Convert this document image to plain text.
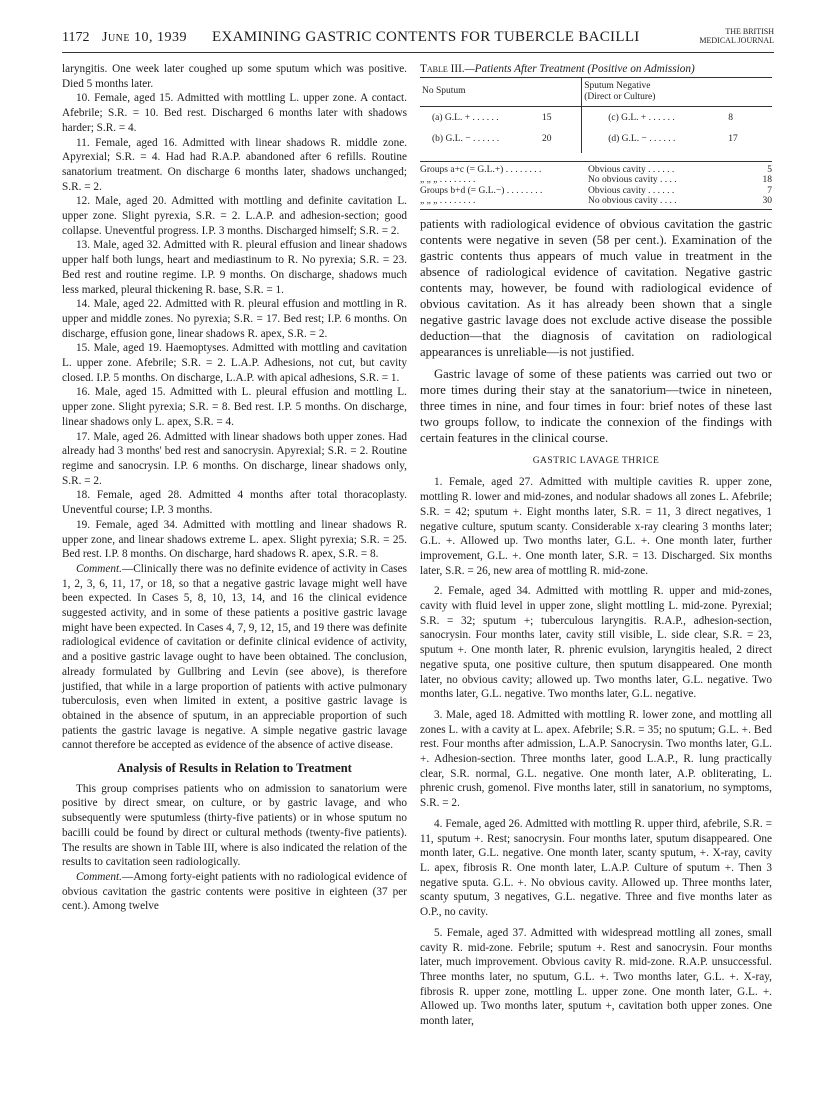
1172 June 10, 1939 EXAMINING GASTRIC CONTENTS FOR TUBERCLE BACILLI	THE BRITISH
MEDICAL JOURNAL

laryngitis. One week later coughed up some sputum which was positive. Died 5 months later.

10. Female, aged 15. Admitted with mottling L. upper zone. A contact. Afebrile; S.R. = 10. Bed rest. Discharged 6 months later with shadows harder; S.R. = 4.

11. Female, aged 16. Admitted with linear shadows R. middle zone. Apyrexial; S.R. = 4. Had had R.A.P. abandoned after 6 refills. Routine sanatorium treatment. On discharge 6 months later, shadows unchanged; S.R. = 2.

12. Male, aged 20. Admitted with mottling and definite cavitation L. upper zone. Slight pyrexia, S.R. = 2. L.A.P. and adhesion-section; good collapse. Uneventful progress. I.P. 3 months. Discharged himself; S.R. = 2.

13. Male, aged 32. Admitted with R. pleural effusion and linear shadows upper half both lungs, heart and mediastinum to R. No pyrexia; S.R. = 23. Bed rest and routine regime. I.P. 9 months. On discharge, shadows much less marked, pleural thickening R. base, S.R. = 1.

14. Male, aged 22. Admitted with R. pleural effusion and mottling in R. upper and middle zones. No pyrexia; S.R. = 17. Bed rest; I.P. 6 months. On discharge, effusion gone, linear shadows R. apex, S.R. = 2.

15. Male, aged 19. Haemoptyses. Admitted with mottling and cavitation L. upper zone. Afebrile; S.R. = 2. L.A.P. Adhesions, not cut, but cavity closed. I.P. 5 months. On discharge, L.A.P. with apical adhesions, S.R. = 1.

16. Male, aged 15. Admitted with L. pleural effusion and mottling L. upper zone. Slight pyrexia; S.R. = 8. Bed rest. I.P. 5 months. On discharge, linear shadows only L. apex, S.R. = 4.

17. Male, aged 26. Admitted with linear shadows both upper zones. Had already had 3 months' bed rest and sanocrysin. Apyrexial; S.R. = 2. Routine regime and sanocrysin. I.P. 6 months. On discharge, linear shadows only, S.R. = 2.

18. Female, aged 28. Admitted 4 months after total thoracoplasty. Uneventful course; I.P. 3 months.

19. Female, aged 34. Admitted with mottling and linear shadows R. upper zone, and linear shadows extreme L. apex. Slight pyrexia; S.R. = 25. Bed rest. I.P. 8 months. On discharge, hard shadows R. apex, S.R. = 8.

Comment.—Clinically there was no definite evidence of activity in Cases 1, 2, 3, 6, 11, 17, or 18, so that a negative gastric lavage might well have been expected. In Cases 5, 8, 10, 13, 14, and 16 the clinical evidence suggested activity, and in some of these patients a positive gastric lavage might have been expected. In Cases 4, 7, 9, 12, 15, and 19 there was definite radiological evidence of cavitation or definite clinical evidence of activity, and a positive gastric lavage ought to have been obtained. The conclusion, already formulated by Gullbring and Levin (see above), is therefore justified, that while in a large proportion of patients with active pulmonary tuberculosis, even when limited in extent, a positive gastric lavage is obtained in the absence of sputum, in an appreciable proportion of such patients the gastric lavage is negative. A simple negative gastric lavage cannot therefore be accepted as evidence of the absence of active disease.

Analysis of Results in Relation to Treatment

This group comprises patients who on admission to sanatorium were positive by direct smear, on culture, or by gastric lavage, and who subsequently were sputumless (thirty-five patients) or in whose sputum no bacilli could be found by direct or cultural methods (twenty-five patients). The results are shown in Table III, where is also indicated the relation of the results to cavitation seen radiologically.

Comment.—Among forty-eight patients with no radiological evidence of obvious cavitation the gastric contents were positive in eighteen (37 per cent.). Among twelve

Table III.—Patients After Treatment (Positive on Admission)

No Sputum	Sputum Negative
(Direct or Culture)
(a) G.L. + . . . . . . 15	(c) G.L. + . . . . . . 8
(b) G.L. − . . . . . . 20	(d) G.L. − . . . . . . 17
Groups a+c (= G.L.+) . . . . . . . .	Obvious cavity . . . . . .	5
„ „ „ . . . . . . . .	No obvious cavity . . . .	18
Groups b+d (= G.L.−) . . . . . . . .	Obvious cavity . . . . . .	7
„ „ „ . . . . . . . .	No obvious cavity . . . .	30

patients with radiological evidence of obvious cavitation the gastric contents were negative in seven (58 per cent.). Examination of the gastric contents thus appears of much value in treatment in the absence of radiological evidence of cavitation. Negative gastric contents may, however, be found with radiological evidence of obvious cavitation. As it has already been shown that a single negative gastric lavage does not exclude active disease the possible deduction—that the diagnosis of cavitation on radiological appearances is unreliable—is not justified.

Gastric lavage of some of these patients was carried out two or more times during their stay at the sanatorium—twice in nineteen, three times in nine, and four times in four: brief notes of these last two groups follow, to indicate the connexion of the findings with certain features in the clinical course.

GASTRIC LAVAGE THRICE

1. Female, aged 27. Admitted with multiple cavities R. upper zone, mottling R. lower and mid-zones, and nodular shadows all zones L. Afebrile; S.R. = 42; sputum +. Eight months later, S.R. = 11, 3 direct negatives, 1 negative culture, sputum scanty. Considerable x-ray clearing 3 months later; G.L. +. Allowed up. Two months later, G.L. +. One month later, further improvement, G.L. +. One month later, S.R. = 13. Discharged. Six months later, S.R. = 26, new area of mottling R. mid-zone.

2. Female, aged 34. Admitted with mottling R. upper and mid-zones, cavity with fluid level in upper zone, slight mottling L. mid-zone. Pyrexial; S.R. = 32; sputum +; tuberculous laryngitis. R.A.P., adhesion-section, sanocrysin. Four months later, cavity still visible, L. side clear, S.R. = 23, sputum +. One month later, R. phrenic evulsion, laryngitis healed, 2 direct negative sputa, one positive culture, then sputum disappeared. One month later, no obvious cavity; allowed up. Two months later, G.L. negative. Two months later, G.L. negative. Two months later, G.L. negative.

3. Male, aged 18. Admitted with mottling R. lower zone, and mottling all zones L. with a cavity at L. apex. Afebrile; S.R. = 35; no sputum; G.L. +. Bed rest. Four months after admission, L.A.P. Sanocrysin. Two months later, G.L. +. Adhesion-section. Three months later, good L.A.P., R. lung practically clear, S.R. normal, G.L. negative. One month later, A.P. obliterating, L. phrenic crush, gomenol. Five months later, still in sanatorium, no symptoms, S.R. = 2.

4. Female, aged 26. Admitted with mottling R. upper third, afebrile, S.R. = 11, sputum +. Rest; sanocrysin. Four months later, sputum disappeared. One month later, G.L. negative. One month later, scanty sputum, +. X-ray, cavity L. apex, fibrosis R. One month later, L.A.P. Culture of sputum +. Then 3 negative sputa. G.L. +. No obvious cavity. Allowed up. Three months later, scanty sputum, 3 negatives, G.L. negative. Three and five months later as O.P., no cavity.

5. Female, aged 37. Admitted with widespread mottling all zones, small cavity R. mid-zone. Febrile; sputum +. Rest and sanocrysin. Four months later, much improvement. Obvious cavity R. mid-zone. R.A.P. unsuccessful. Three months later, no sputum, G.L. +. Two months later, G.L. +. X-ray, fibrosis R. upper zone, mottling L. upper zone. One month later, G.L. +. Allowed up. Two months later, sputum +, cavitation both upper zones. One month later,
